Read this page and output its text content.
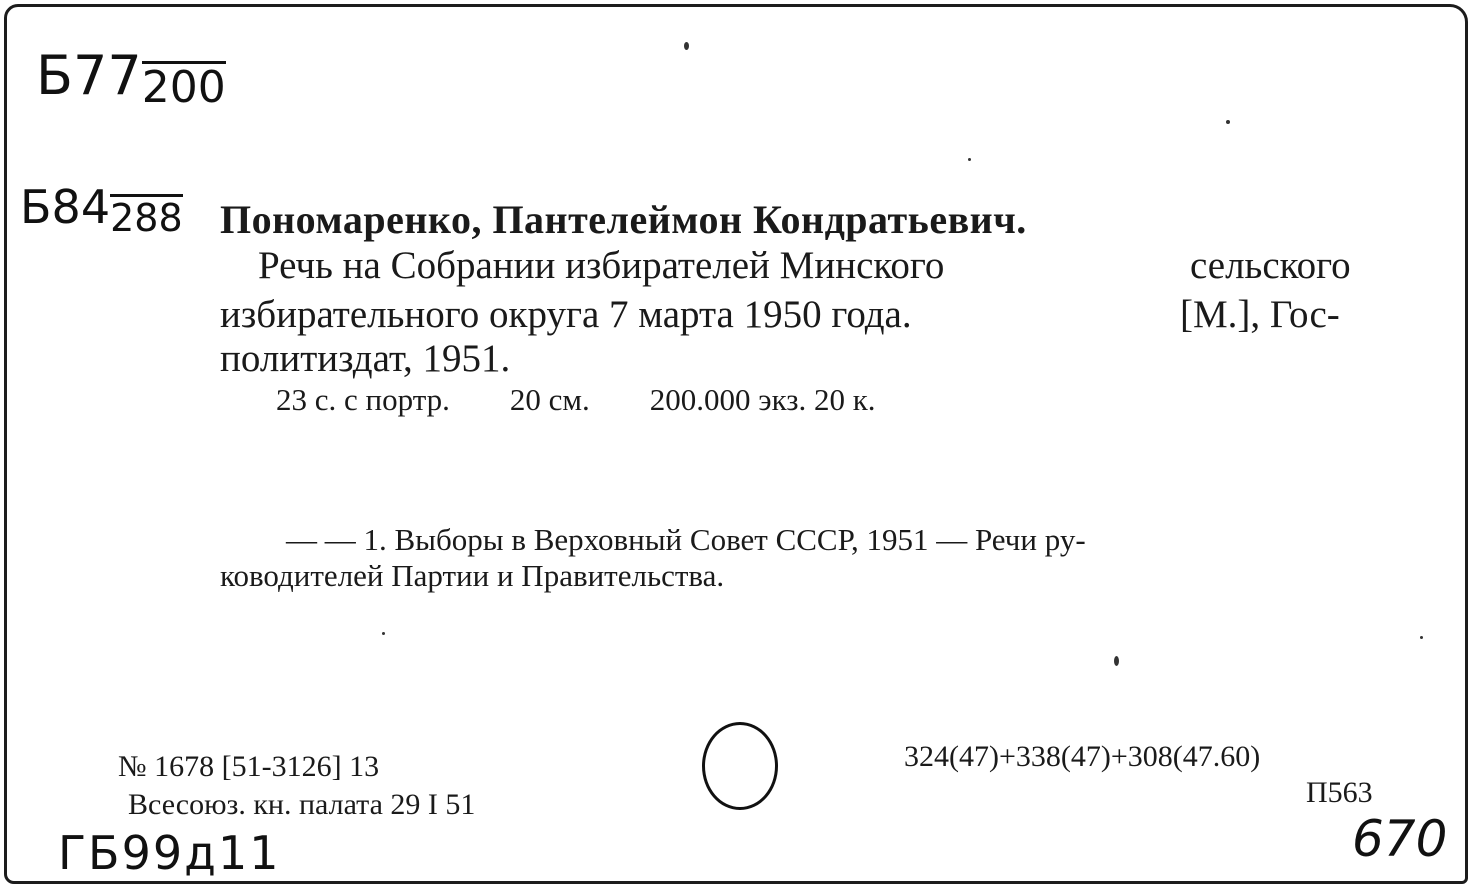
Б77
200
Б84
288 Пономаренко, Пантелеймон Кондратьевич.
Речь на Собрании избирателей Минского	сельского
избирательного округа 7 марта 1950 года.	[М.], Гос-
политиздат, 1951.
23 с. с портр. 20 см. 200.000 экз. 20 к.
— — 1. Выборы в Верховный Совет СССР, 1951 — Речи ру-
ководителей Партии и Правительства.
№ 1678 [51-3126] 13
Всесоюз. кн. палата 29 I 51
324(47)+338(47)+308(47.60)
П563
ГБ99д11	670
